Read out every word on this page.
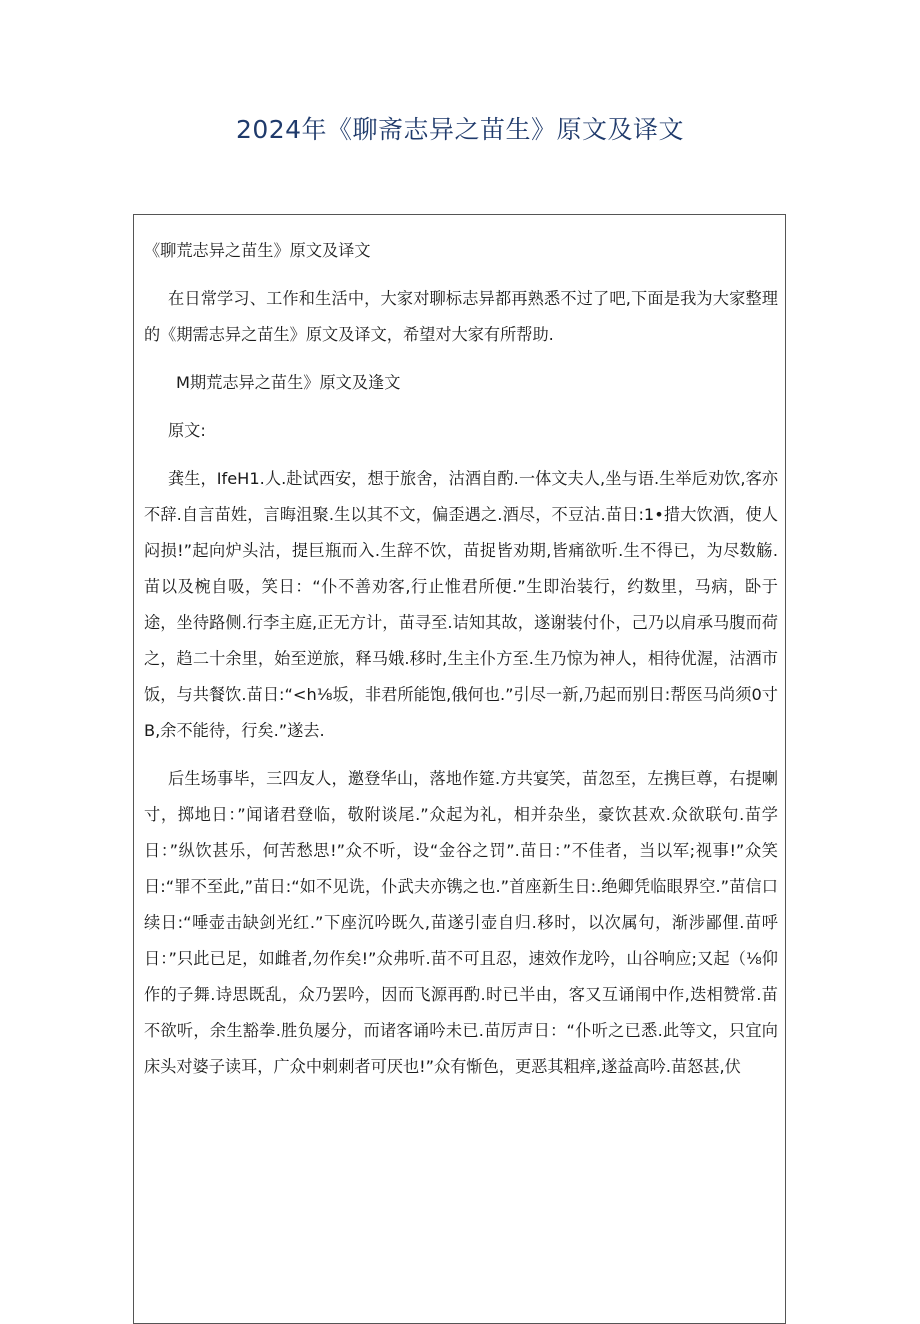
2024年《聊斋志异之苗生》原文及译文

《聊荒志异之苗生》原文及译文

在日常学习、工作和生活中，大家对聊标志异都再熟悉不过了吧,下面是我为大家整理的《期需志异之苗生》原文及译文，希望对大家有所帮助.

M期荒志异之苗生》原文及逢文

原文:

龚生，IfeH1.人.赴试西安，想于旅舍，沽酒自酌.一体文夫人,坐与语.生举卮劝饮,客亦不辞.自言苗姓，言晦沮聚.生以其不文，偏歪遇之.酒尽，不豆沽.苗日:1•措大饮酒，使人闷损!”起向炉头沽，提巨瓶而入.生辞不饮，苗捉皆劝期,皆痛欲听.生不得已，为尽数觞.苗以及椀自吸，笑日：“仆不善劝客,行止惟君所便.”生即治装行，约数里，马病，卧于途，坐待路侧.行李主庭,正无方计，苗寻至.诘知其故，遂谢装付仆，己乃以肩承马腹而荷之，趋二十余里，始至逆旅，释马娥.移时,生主仆方至.生乃惊为神人，相待优渥，沽酒市饭，与共餐饮.苗日:“<h⅛坂，非君所能饱,俄何也.”引尽一新,乃起而别日:帮医马尚须0寸B,余不能待，行矣.”遂去.

后生场事毕，三四友人，邀登华山，落地作筵.方共宴笑，苗忽至，左携巨尊，右提喇寸，掷地日：”闻诸君登临，敬附谈尾.”众起为礼，相并杂坐，豪饮甚欢.众欲联句.苗学日：”纵饮甚乐，何苦愁思!”众不听，设“金谷之罚”.苗日：”不佳者，当以军;视事!”众笑日:“罪不至此,”苗日:“如不见诜，仆武夫亦镌之也.”首座新生日:.绝卿凭临眼界空.”苗信口续日:“唾壶击缺剑光红.”下座沉吟既久,苗遂引壶自归.移时，以次属句，渐涉鄙俚.苗呼日：”只此已足，如雌者,勿作矣!”众弗听.苗不可且忍，速效作龙吟，山谷响应;又起（⅛仰作的子舞.诗思既乱，众乃罢吟，因而飞源再酌.时已半由，客又互诵闱中作,迭相赞常.苗不欲听，余生豁拳.胜负屡分，而诸客诵吟未已.苗厉声日：“仆听之已悉.此等文，只宜向床头对婆子读耳，广众中刺刺者可厌也!”众有惭色，更恶其粗痒,遂益高吟.苗怒甚,伏
